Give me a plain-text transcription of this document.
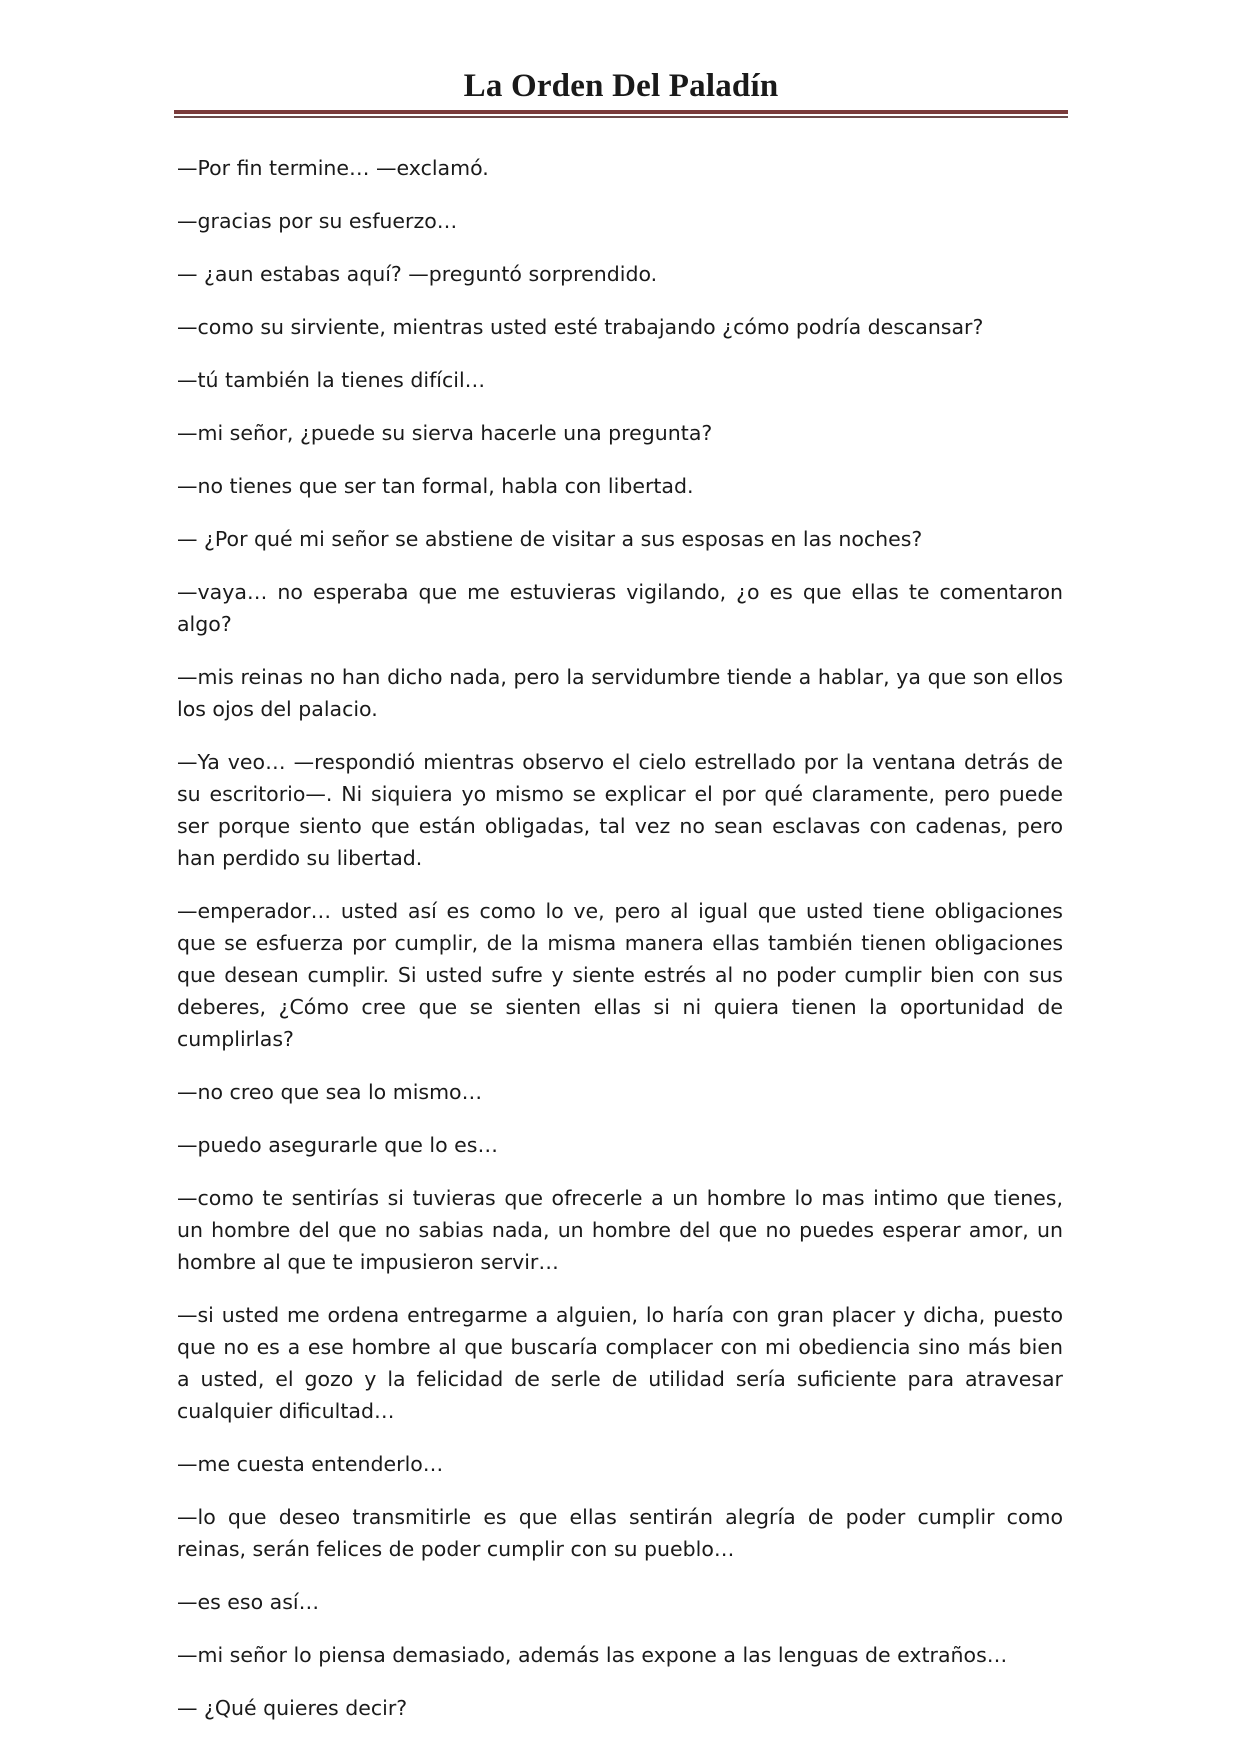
La Orden Del Paladín

—Por fin termine… —exclamó.

—gracias por su esfuerzo…

— ¿aun estabas aquí? —preguntó sorprendido.

—como su sirviente, mientras usted esté trabajando ¿cómo podría descansar?

—tú también la tienes difícil…

—mi señor, ¿puede su sierva hacerle una pregunta?

—no tienes que ser tan formal, habla con libertad.

— ¿Por qué mi señor se abstiene de visitar a sus esposas en las noches?

—vaya… no esperaba que me estuvieras vigilando, ¿o es que ellas te comentaron algo?

—mis reinas no han dicho nada, pero la servidumbre tiende a hablar, ya que son ellos los ojos del palacio.

—Ya veo… —respondió mientras observo el cielo estrellado por la ventana detrás de su escritorio—. Ni siquiera yo mismo se explicar el por qué claramente, pero puede ser porque siento que están obligadas, tal vez no sean esclavas con cadenas, pero han perdido su libertad.

—emperador… usted así es como lo ve, pero al igual que usted tiene obligaciones que se esfuerza por cumplir, de la misma manera ellas también tienen obligaciones que desean cumplir. Si usted sufre y siente estrés al no poder cumplir bien con sus deberes, ¿Cómo cree que se sienten ellas si ni quiera tienen la oportunidad de cumplirlas?

—no creo que sea lo mismo…

—puedo asegurarle que lo es…

—como te sentirías si tuvieras que ofrecerle a un hombre lo mas intimo que tienes, un hombre del que no sabias nada, un hombre del que no puedes esperar amor, un hombre al que te impusieron servir…

—si usted me ordena entregarme a alguien, lo haría con gran placer y dicha, puesto que no es a ese hombre al que buscaría complacer con mi obediencia sino más bien a usted, el gozo y la felicidad de serle de utilidad sería suficiente para atravesar cualquier dificultad…

—me cuesta entenderlo…

—lo que deseo transmitirle es que ellas sentirán alegría de poder cumplir como reinas, serán felices de poder cumplir con su pueblo…

—es eso así…

—mi señor lo piensa demasiado, además las expone a las lenguas de extraños…

— ¿Qué quieres decir?
